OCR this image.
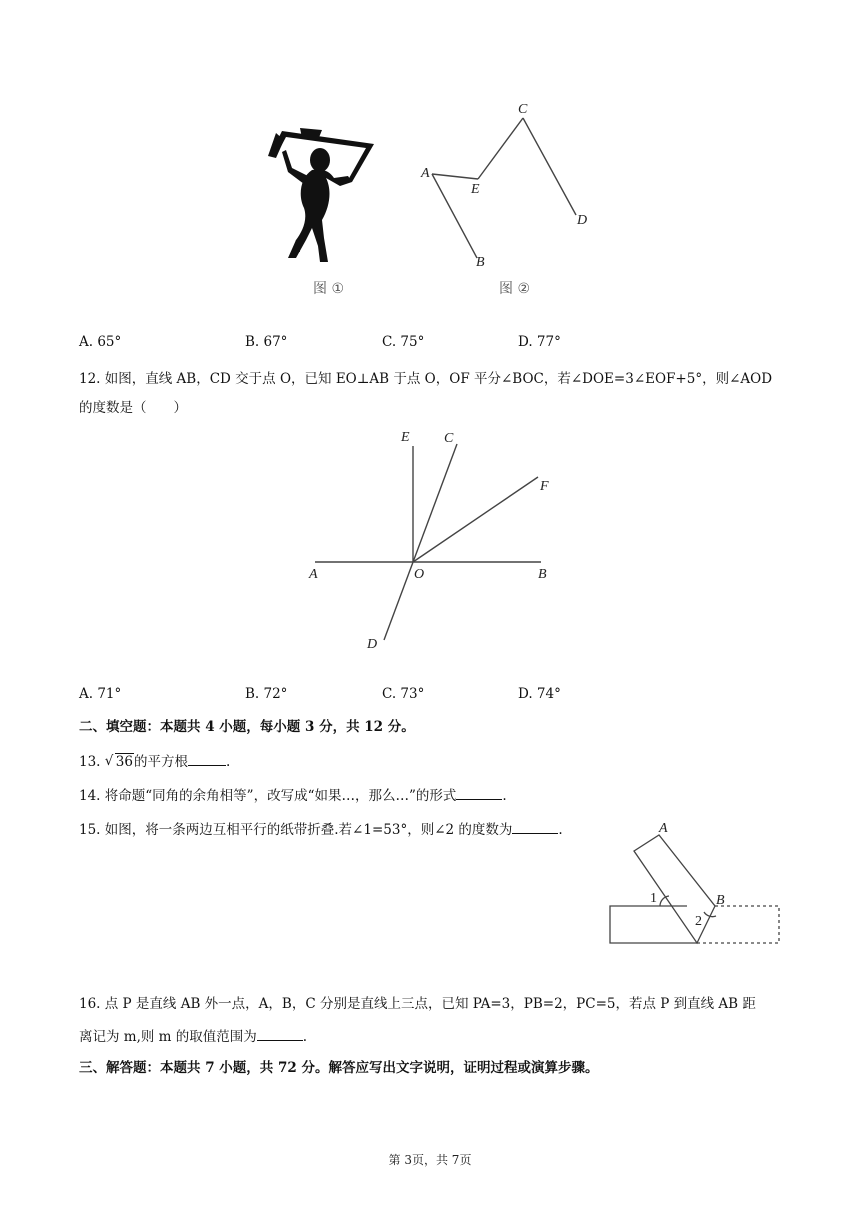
C
A
E
D
B
图 ①	图 ②
A. 65°	B. 67°	C. 75°	D. 77°
12. 如图，直线 AB，CD 交于点 O，已知 EO⊥AB 于点 O，OF 平分∠BOC，若∠DOE=3∠EOF+5°，则∠AOD
的度数是（　　）
E C
F
A	O	B
D
A. 71°	B. 72°	C. 73°	D. 74°
二、填空题：本题共 4 小题，每小题 3 分，共 12 分。
13. √ 36的平方根	.
14. 将命题“同角的余角相等”，改写成“如果…，那么…”的形式	.
15. 如图，将一条两边互相平行的纸带折叠.若∠1=53°，则∠2 的度数为	.	A
B
1
2
16. 点 P 是直线 AB 外一点，A，B，C 分别是直线上三点，已知 PA=3，PB=2，PC=5，若点 P 到直线 AB 距
离记为 m,则 m 的取值范围为	.
三、解答题：本题共 7 小题，共 72 分。解答应写出文字说明，证明过程或演算步骤。
第 3页，共 7页
